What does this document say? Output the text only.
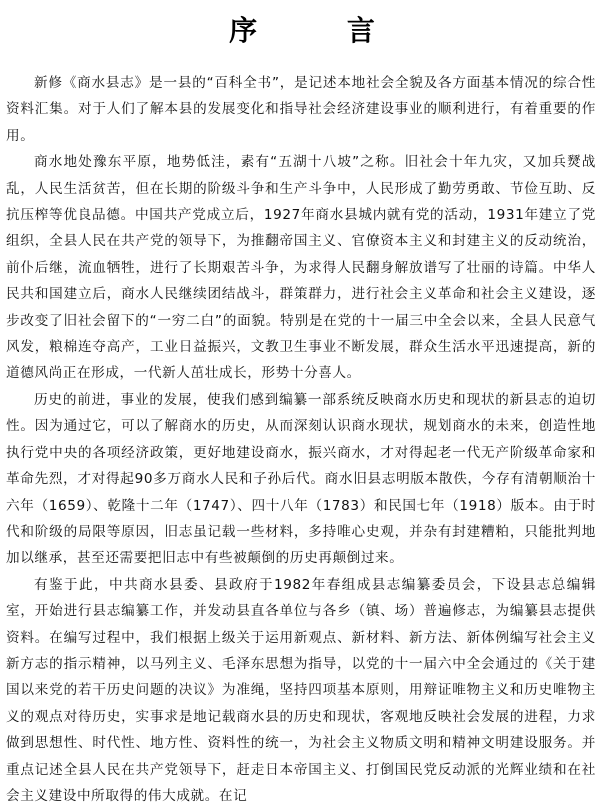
序 言

新修《商水县志》是一县的“百科全书”，是记述本地社会全貌及各方面基本情况的综合性资料汇集。对于人们了解本县的发展变化和指导社会经济建设事业的顺利进行，有着重要的作用。

商水地处豫东平原，地势低洼，素有“五湖十八坡”之称。旧社会十年九灾，又加兵燹战乱，人民生活贫苦，但在长期的阶级斗争和生产斗争中，人民形成了勤劳勇敢、节俭互助、反抗压榨等优良品德。中国共产党成立后，1927年商水县城内就有党的活动，1931年建立了党组织，全县人民在共产党的领导下，为推翻帝国主义、官僚资本主义和封建主义的反动统治，前仆后继，流血牺牲，进行了长期艰苦斗争，为求得人民翻身解放谱写了壮丽的诗篇。中华人民共和国建立后，商水人民继续团结战斗，群策群力，进行社会主义革命和社会主义建设，逐步改变了旧社会留下的“一穷二白”的面貌。特别是在党的十一届三中全会以来，全县人民意气风发，粮棉连夺高产，工业日益振兴，文教卫生事业不断发展，群众生活水平迅速提高，新的道德风尚正在形成，一代新人茁壮成长，形势十分喜人。

历史的前进，事业的发展，使我们感到编纂一部系统反映商水历史和现状的新县志的迫切性。因为通过它，可以了解商水的历史，从而深刻认识商水现状，规划商水的未来，创造性地执行党中央的各项经济政策，更好地建设商水，振兴商水，才对得起老一代无产阶级革命家和革命先烈，才对得起90多万商水人民和子孙后代。商水旧县志明版本散佚，今存有清朝顺治十六年（1659）、乾隆十二年（1747）、四十八年（1783）和民国七年（1918）版本。由于时代和阶级的局限等原因，旧志虽记载一些材料，多持唯心史观，并杂有封建糟粕，只能批判地加以继承，甚至还需要把旧志中有些被颠倒的历史再颠倒过来。

有鉴于此，中共商水县委、县政府于1982年春组成县志编纂委员会，下设县志总编辑室，开始进行县志编纂工作，并发动县直各单位与各乡（镇、场）普遍修志，为编纂县志提供资料。在编写过程中，我们根据上级关于运用新观点、新材料、新方法、新体例编写社会主义新方志的指示精神，以马列主义、毛泽东思想为指导，以党的十一届六中全会通过的《关于建国以来党的若干历史问题的决议》为准绳，坚持四项基本原则，用辩证唯物主义和历史唯物主义的观点对待历史，实事求是地记载商水县的历史和现状，客观地反映社会发展的进程，力求做到思想性、时代性、地方性、资料性的统一，为社会主义物质文明和精神文明建设服务。并重点记述全县人民在共产党领导下，赶走日本帝国主义、打倒国民党反动派的光辉业绩和在社会主义建设中所取得的伟大成就。在记
